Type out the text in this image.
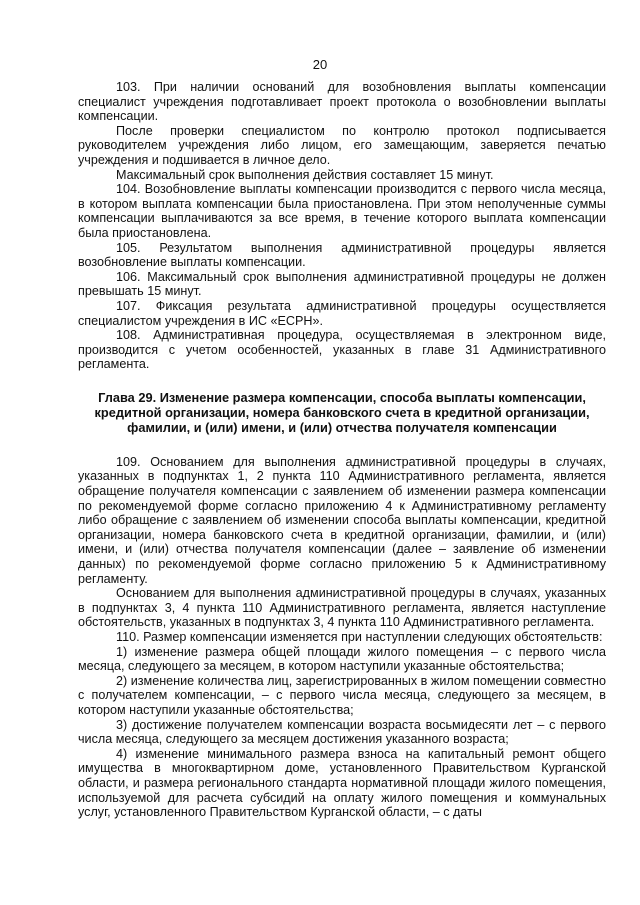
20

103. При наличии оснований для возобновления выплаты компенсации специалист учреждения подготавливает проект протокола о возобновлении выплаты компенсации.

После проверки специалистом по контролю протокол подписывается руководителем учреждения либо лицом, его замещающим, заверяется печатью учреждения и подшивается в личное дело.

Максимальный срок выполнения действия составляет 15 минут.

104. Возобновление выплаты компенсации производится с первого числа месяца, в котором выплата компенсации была приостановлена. При этом неполученные суммы компенсации выплачиваются за все время, в течение которого выплата компенсации была приостановлена.

105. Результатом выполнения административной процедуры является возобновление выплаты компенсации.

106. Максимальный срок выполнения административной процедуры не должен превышать 15 минут.

107. Фиксация результата административной процедуры осуществляется специалистом учреждения в ИС «ЕСРН».

108. Административная процедура, осуществляемая в электронном виде, производится с учетом особенностей, указанных в главе 31 Административного регламента.

Глава 29. Изменение размера компенсации, способа выплаты компенсации, кредитной организации, номера банковского счета в кредитной организации, фамилии, и (или) имени, и (или) отчества получателя компенсации

109. Основанием для выполнения административной процедуры в случаях, указанных в подпунктах 1, 2 пункта 110 Административного регламента, является обращение получателя компенсации с заявлением об изменении размера компенсации по рекомендуемой форме согласно приложению 4 к Административному регламенту либо обращение с заявлением об изменении способа выплаты компенсации, кредитной организации, номера банковского счета в кредитной организации, фамилии, и (или) имени, и (или) отчества получателя компенсации (далее – заявление об изменении данных) по рекомендуемой форме согласно приложению 5 к Административному регламенту.

Основанием для выполнения административной процедуры в случаях, указанных в подпунктах 3, 4 пункта 110 Административного регламента, является наступление обстоятельств, указанных в подпунктах 3, 4 пункта 110 Административного регламента.

110. Размер компенсации изменяется при наступлении следующих обстоятельств:

1) изменение размера общей площади жилого помещения – с первого числа месяца, следующего за месяцем, в котором наступили указанные обстоятельства;

2) изменение количества лиц, зарегистрированных в жилом помещении совместно с получателем компенсации, – с первого числа месяца, следующего за месяцем, в котором наступили указанные обстоятельства;

3) достижение получателем компенсации возраста восьмидесяти лет – с первого числа месяца, следующего за месяцем достижения указанного возраста;

4) изменение минимального размера взноса на капитальный ремонт общего имущества в многоквартирном доме, установленного Правительством Курганской области, и размера регионального стандарта нормативной площади жилого помещения, используемой для расчета субсидий на оплату жилого помещения и коммунальных услуг, установленного Правительством Курганской области, – с даты
